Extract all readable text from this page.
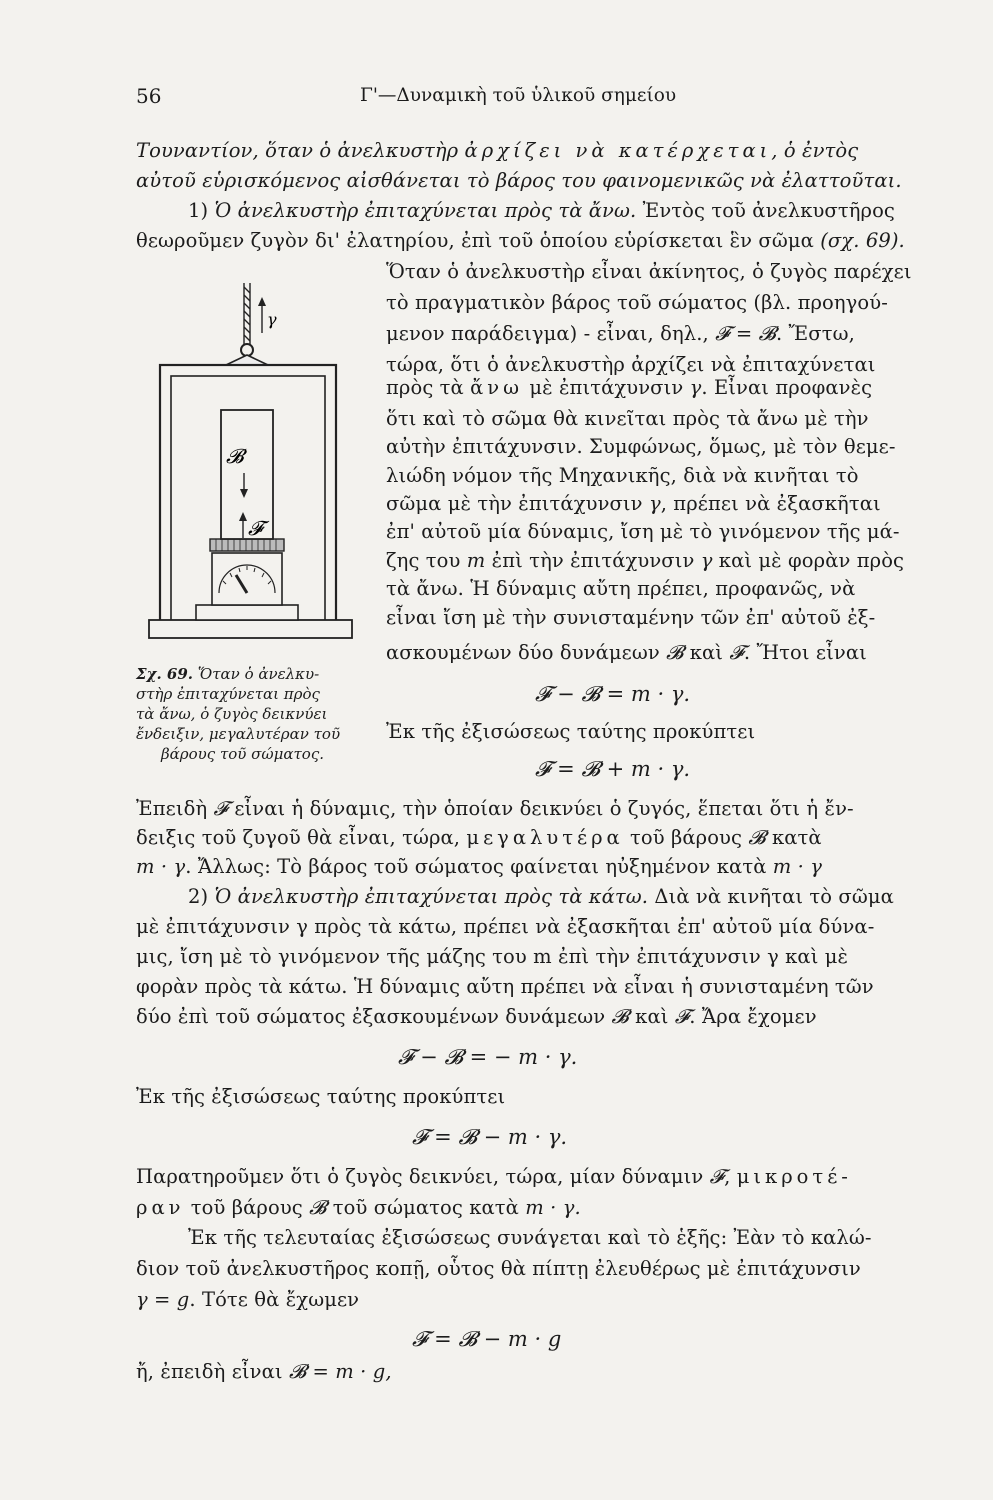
56	Γ'—Δυναμικὴ τοῦ ὑλικοῦ σημείου
Τουναντίον, ὅταν ὁ ἀνελκυστὴρ ἀρχίζει νὰ κατέρχεται, ὁ ἐντὸς
αὐτοῦ εὑρισκόμενος αἰσθάνεται τὸ βάρος του φαινομενικῶς νὰ ἐλαττοῦται.
1) Ὁ ἀνελκυστὴρ ἐπιταχύνεται πρὸς τὰ ἄνω. Ἐντὸς τοῦ ἀνελκυστῆρος
θεωροῦμεν ζυγὸν δι' ἐλατηρίου, ἐπὶ τοῦ ὁποίου εὑρίσκεται ἓν σῶμα (σχ. 69).
Ὅταν ὁ ἀνελκυστὴρ εἶναι ἀκίνητος, ὁ ζυγὸς παρέχει
τὸ πραγματικὸν βάρος τοῦ σώματος (βλ. προηγού-
μενον παράδειγμα) - εἶναι, δηλ., 𝓕 = 𝓑. Ἔστω,
τώρα, ὅτι ὁ ἀνελκυστὴρ ἀρχίζει νὰ ἐπιταχύνεται
πρὸς τὰ ἄνω μὲ ἐπιτάχυνσιν γ. Εἶναι προφανὲς
ὅτι καὶ τὸ σῶμα θὰ κινεῖται πρὸς τὰ ἄνω μὲ τὴν
αὐτὴν ἐπιτάχυνσιν. Συμφώνως, ὅμως, μὲ τὸν θεμε-
λιώδη νόμον τῆς Μηχανικῆς, διὰ νὰ κινῆται τὸ
σῶμα μὲ τὴν ἐπιτάχυνσιν γ, πρέπει νὰ ἐξασκῆται
ἐπ' αὐτοῦ μία δύναμις, ἴση μὲ τὸ γινόμενον τῆς μά-
ζης του m ἐπὶ τὴν ἐπιτάχυνσιν γ καὶ μὲ φορὰν πρὸς
τὰ ἄνω. Ἡ δύναμις αὔτη πρέπει, προφανῶς, νὰ
εἶναι ἴση μὲ τὴν συνισταμένην τῶν ἐπ' αὐτοῦ ἐξ-
ασκουμένων δύο δυνάμεων 𝓑 καὶ 𝓕. Ἤτοι εἶναι
𝓕 − 𝓑 = m · γ.
Ἐκ τῆς ἐξισώσεως ταύτης προκύπτει
𝓕 = 𝓑 + m · γ.
γ
𝓑
𝓕
Σχ. 69. Ὅταν ὁ ἀνελκυ-
στὴρ ἐπιταχύνεται πρὸς
τὰ ἄνω, ὁ ζυγὸς δεικνύει
ἔνδειξιν, μεγαλυτέραν τοῦ
βάρους τοῦ σώματος.
Ἐπειδὴ 𝓕 εἶναι ἡ δύναμις, τὴν ὁποίαν δεικνύει ὁ ζυγός, ἕπεται ὅτι ἡ ἔν-
δειξις τοῦ ζυγοῦ θὰ εἶναι, τώρα, μεγαλυτέρα τοῦ βάρους 𝓑 κατὰ
m · γ. Ἄλλως: Τὸ βάρος τοῦ σώματος φαίνεται ηὐξημένον κατὰ m · γ
2) Ὁ ἀνελκυστὴρ ἐπιταχύνεται πρὸς τὰ κάτω. Διὰ νὰ κινῆται τὸ σῶμα
μὲ ἐπιτάχυνσιν γ πρὸς τὰ κάτω, πρέπει νὰ ἐξασκῆται ἐπ' αὐτοῦ μία δύνα-
μις, ἴση μὲ τὸ γινόμενον τῆς μάζης του m ἐπὶ τὴν ἐπιτάχυνσιν γ καὶ μὲ
φορὰν πρὸς τὰ κάτω. Ἡ δύναμις αὔτη πρέπει νὰ εἶναι ἡ συνισταμένη τῶν
δύο ἐπὶ τοῦ σώματος ἐξασκουμένων δυνάμεων 𝓑 καὶ 𝓕. Ἄρα ἔχομεν
𝓕 − 𝓑 = − m · γ.
Ἐκ τῆς ἐξισώσεως ταύτης προκύπτει
𝓕 = 𝓑 − m · γ.
Παρατηροῦμεν ὅτι ὁ ζυγὸς δεικνύει, τώρα, μίαν δύναμιν 𝓕, μικροτέ-
ραν τοῦ βάρους 𝓑 τοῦ σώματος κατὰ m · γ.
Ἐκ τῆς τελευταίας ἐξισώσεως συνάγεται καὶ τὸ ἑξῆς: Ἐὰν τὸ καλώ-
διον τοῦ ἀνελκυστῆρος κοπῇ, οὗτος θὰ πίπτῃ ἐλευθέρως μὲ ἐπιτάχυνσιν
γ = g. Τότε θὰ ἔχωμεν
𝓕 = 𝓑 − m · g
ἤ, ἐπειδὴ εἶναι 𝓑 = m · g,
